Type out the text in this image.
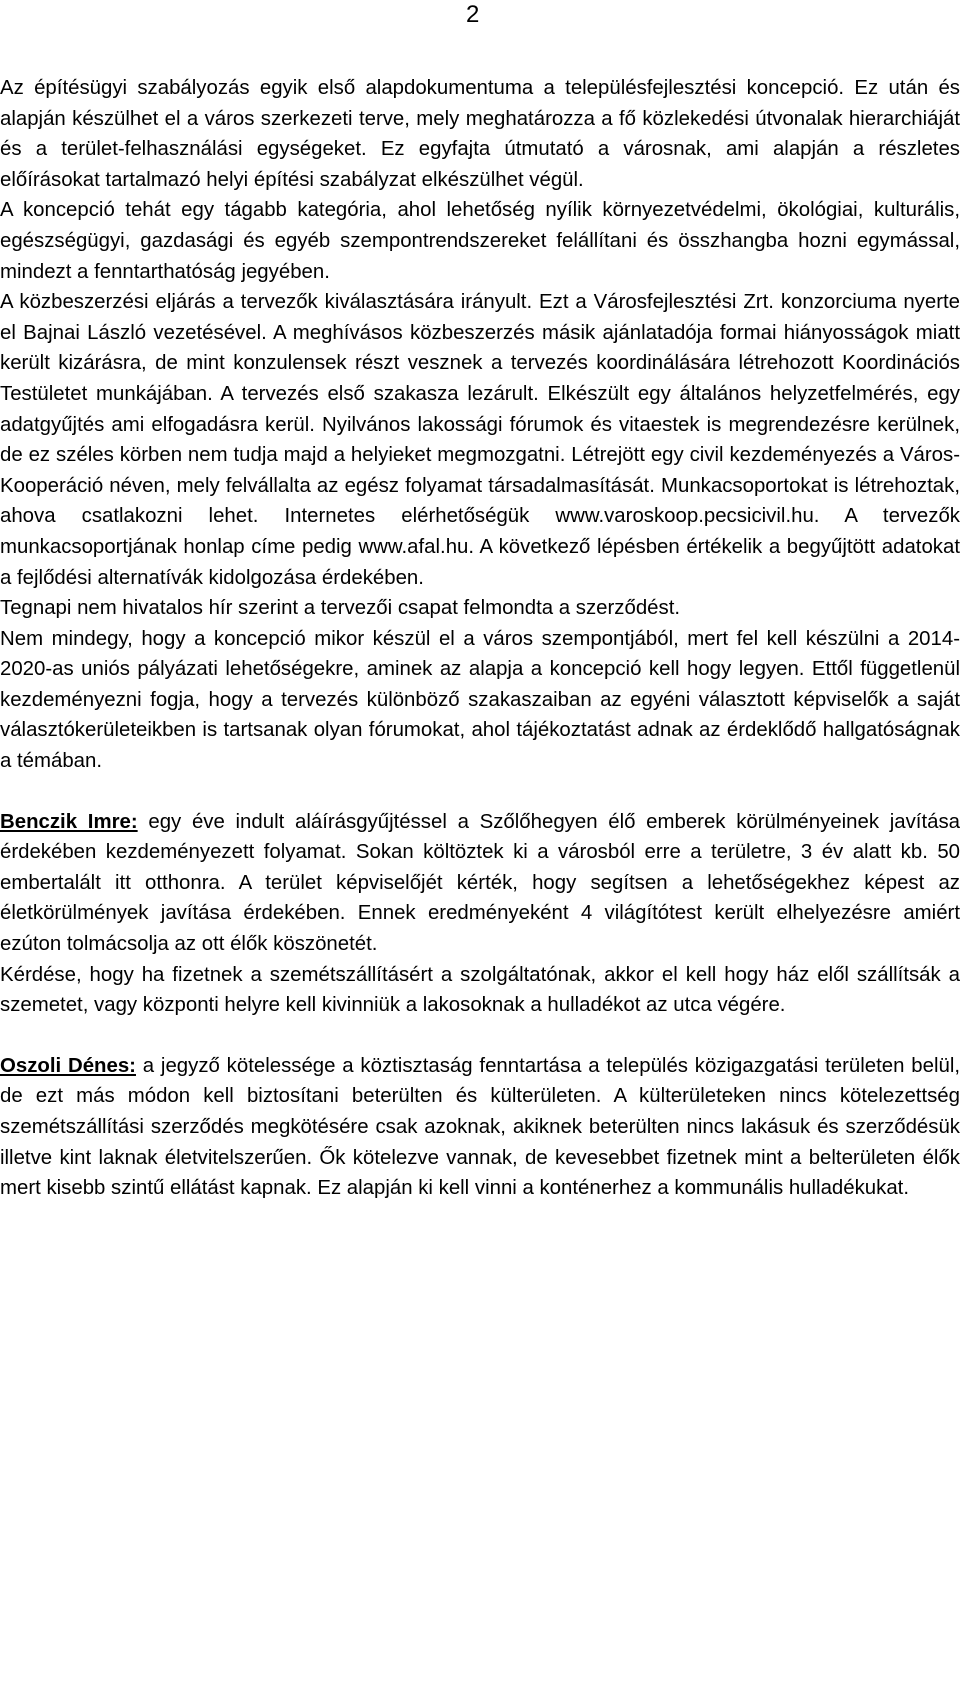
2

Az építésügyi szabályozás egyik első alapdokumentuma a településfejlesztési koncepció. Ez után és alapján készülhet el a város szerkezeti terve, mely meghatározza a fő közlekedési útvonalak hierarchiáját és a terület-felhasználási egységeket. Ez egyfajta útmutató a városnak, ami alapján a részletes előírásokat tartalmazó helyi építési szabályzat elkészülhet végül.

A koncepció tehát egy tágabb kategória, ahol lehetőség nyílik környezetvédelmi, ökológiai, kulturális, egészségügyi, gazdasági és egyéb szempontrendszereket felállítani és összhangba hozni egymással, mindezt a fenntarthatóság jegyében.

A közbeszerzési eljárás a tervezők kiválasztására irányult. Ezt a Városfejlesztési Zrt. konzorciuma nyerte el Bajnai László vezetésével. A meghívásos közbeszerzés másik ajánlatadója formai hiányosságok miatt került kizárásra, de mint konzulensek részt vesznek a tervezés koordinálására létrehozott Koordinációs Testületet munkájában. A tervezés első szakasza lezárult. Elkészült egy általános helyzetfelmérés, egy adatgyűjtés ami elfogadásra kerül. Nyilvános lakossági fórumok és vitaestek is megrendezésre kerülnek, de ez széles körben nem tudja majd a helyieket megmozgatni. Létrejött egy civil kezdeményezés a Város-Kooperáció néven, mely felvállalta az egész folyamat társadalmasítását. Munkacsoportokat is létrehoztak, ahova csatlakozni lehet. Internetes elérhetőségük www.varoskoop.pecsicivil.hu. A tervezők munkacsoportjának honlap címe pedig www.afal.hu. A következő lépésben értékelik a begyűjtött adatokat a fejlődési alternatívák kidolgozása érdekében.

Tegnapi nem hivatalos hír szerint a tervezői csapat felmondta a szerződést.

Nem mindegy, hogy a koncepció mikor készül el a város szempontjából, mert fel kell készülni a 2014-2020-as uniós pályázati lehetőségekre, aminek az alapja a koncepció kell hogy legyen. Ettől függetlenül kezdeményezni fogja, hogy a tervezés különböző szakaszaiban az egyéni választott képviselők a saját választókerületeikben is tartsanak olyan fórumokat, ahol tájékoztatást adnak az érdeklődő hallgatóságnak a témában.

Benczik Imre: egy éve indult aláírásgyűjtéssel a Szőlőhegyen élő emberek körülményeinek javítása érdekében kezdeményezett folyamat. Sokan költöztek ki a városból erre a területre, 3 év alatt kb. 50 embertalált itt otthonra. A terület képviselőjét kérték, hogy segítsen a lehetőségekhez képest az életkörülmények javítása érdekében. Ennek eredményeként 4 világítótest került elhelyezésre amiért ezúton tolmácsolja az ott élők köszönetét.

Kérdése, hogy ha fizetnek a szemétszállításért a szolgáltatónak, akkor el kell hogy ház elől szállítsák a szemetet, vagy központi helyre kell kivinniük a lakosoknak a hulladékot az utca végére.

Oszoli Dénes: a jegyző kötelessége a köztisztaság fenntartása a település közigazgatási területen belül, de ezt más módon kell biztosítani beterülten és külterületen. A külterületeken nincs kötelezettség szemétszállítási szerződés megkötésére csak azoknak, akiknek beterülten nincs lakásuk és szerződésük illetve kint laknak életvitelszerűen. Ők kötelezve vannak, de kevesebbet fizetnek mint a belterületen élők mert kisebb szintű ellátást kapnak. Ez alapján ki kell vinni a konténerhez a kommunális hulladékukat.
